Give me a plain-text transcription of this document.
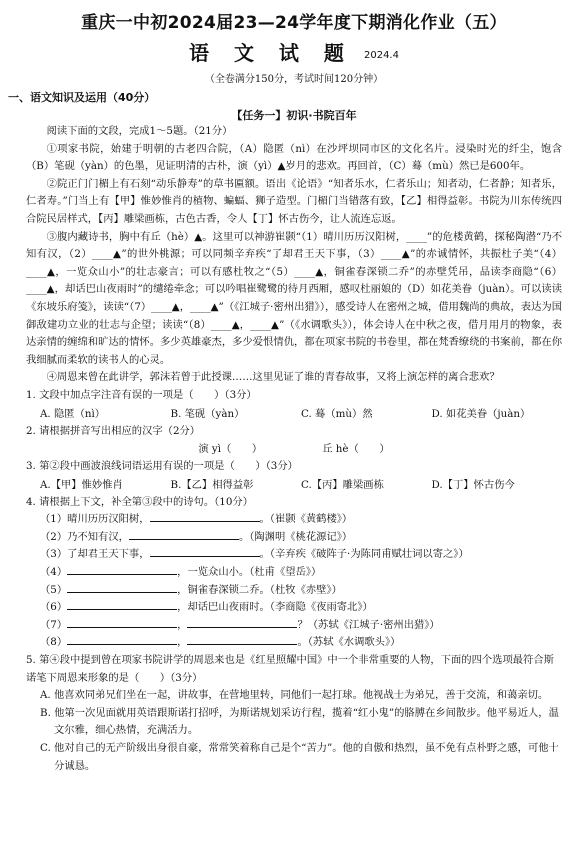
重庆一中初2024届23—24学年度下期消化作业（五）
语 文 试 题 2024.4
（全卷满分150分，考试时间120分钟）
一、语文知识及运用（40分）
【任务一】初识·书院百年

阅读下面的文段，完成1～5题。（21分）

①项家书院，始建于明朝的古老四合院，（A）隐匿（nì）在沙坪坝同市区的文化名片。浸染时光的纤尘，饱含（B）笔砚（yàn）的色墨，见证明清的古朴，演（yì）▲岁月的悲欢。再回首，（C）蓦（mù）然已是600年。

②院正门门楣上有石刻“动乐静寿”的草书匾额。语出《论语》“知者乐水，仁者乐山；知者动，仁者静；知者乐，仁者寿。”门当上有【甲】惟妙惟肖的植物、蝙蝠、狮子造型。门楣门当错落有致，【乙】相得益彰。书院为川东传统四合院民居样式，【丙】雕梁画栋，古色古香，令人【丁】怀古伤今，让人流连忘返。

③腹内藏诗书，胸中有丘（hè）▲。这里可以神游崔颢“（1）晴川历历汉阳树，____”的危楼黄鹤，探秘陶潜“乃不知有汉，（2）____▲”的世外桃源；可以同频辛弃疾“了却君王天下事，（3）____▲”的赤诚情怀，共振杜子美“（4）____▲，一览众山小”的壮志豪言；可以有感杜牧之“（5）____▲，铜雀春深锁二乔”的赤壁凭吊，品读李商隐“（6）____▲，却话巴山夜雨时”的缱绻牵念；可以吟唱崔鹭鹭的待月西厢，感叹杜丽娘的（D）如花美眷（juàn）。可以读读《东坡乐府笺》，读读“（7）____▲，____▲”（《江城子·密州出猎》），感受诗人在密州之城，借用魏尚的典故，表达为国御敌建功立业的壮志与企望；读读“（8）____▲，____▲”（《水调歌头》），体会诗人在中秋之夜，借月用月的物象，表达亲情的缠绵和旷达的情怀。多少英雄豪杰，多少爱恨情仇，都在项家书院的书卷里，都在梵香缭绕的书案前，都在你我细腻而柔软的读书人的心灵。

④周恩来曾在此讲学，郭沫若曾于此授课……这里见证了谁的青春故事，又将上演怎样的离合悲欢？

1. 文段中加点字注音有误的一项是（　　）（3分）

A. 隐匿（nì）	B. 笔砚（yàn）	C. 蓦（mù）然	D. 如花美眷（juàn）

2. 请根据拼音写出相应的汉字（2分）

演 yì（　　）	丘 hè（　　）

3. 第②段中画波浪线词语运用有误的一项是（　　）（3分）

A.【甲】惟妙惟肖	B.【乙】相得益彰	C.【丙】雕梁画栋	D.【丁】怀古伤今

4. 请根据上下文，补全第③段中的诗句。（10分）

（1）晴川历历汉阳树，	。（崔颢《黄鹤楼》）
（2）乃不知有汉，	。（陶渊明《桃花源记》）
（3）了却君王天下事，	。（辛弃疾《破阵子·为陈同甫赋壮词以寄之》）
（4）	，一览众山小。（杜甫《望岳》）
（5）	，铜雀春深锁二乔。（杜牧《赤壁》）
（6）	，却话巴山夜雨时。（李商隐《夜雨寄北》）
（7）	，	？（苏轼《江城子·密州出猎》）
（8）	，	。（苏轼《水调歌头》）

5. 第④段中提到曾在项家书院讲学的周恩来也是《红星照耀中国》中一个非常重要的人物，下面的四个选项最符合斯诺笔下周恩来形象的是（　　）（3分）

A. 他喜欢同弟兄们坐在一起，讲故事，在营地里转，同他们一起打球。他视战士为弟兄，善于交流，和蔼亲切。
B. 他第一次见面就用英语跟斯诺打招呼，为斯诺规划采访行程，揽着“红小鬼”的胳膊在乡间散步。他平易近人，温文尔雅，细心热情，充满活力。
C. 他对自己的无产阶级出身很自豪，常常笑着称自己是个“苦力”。他的自傲和热烈，虽不免有点朴野之感，可他十分诚恳。
